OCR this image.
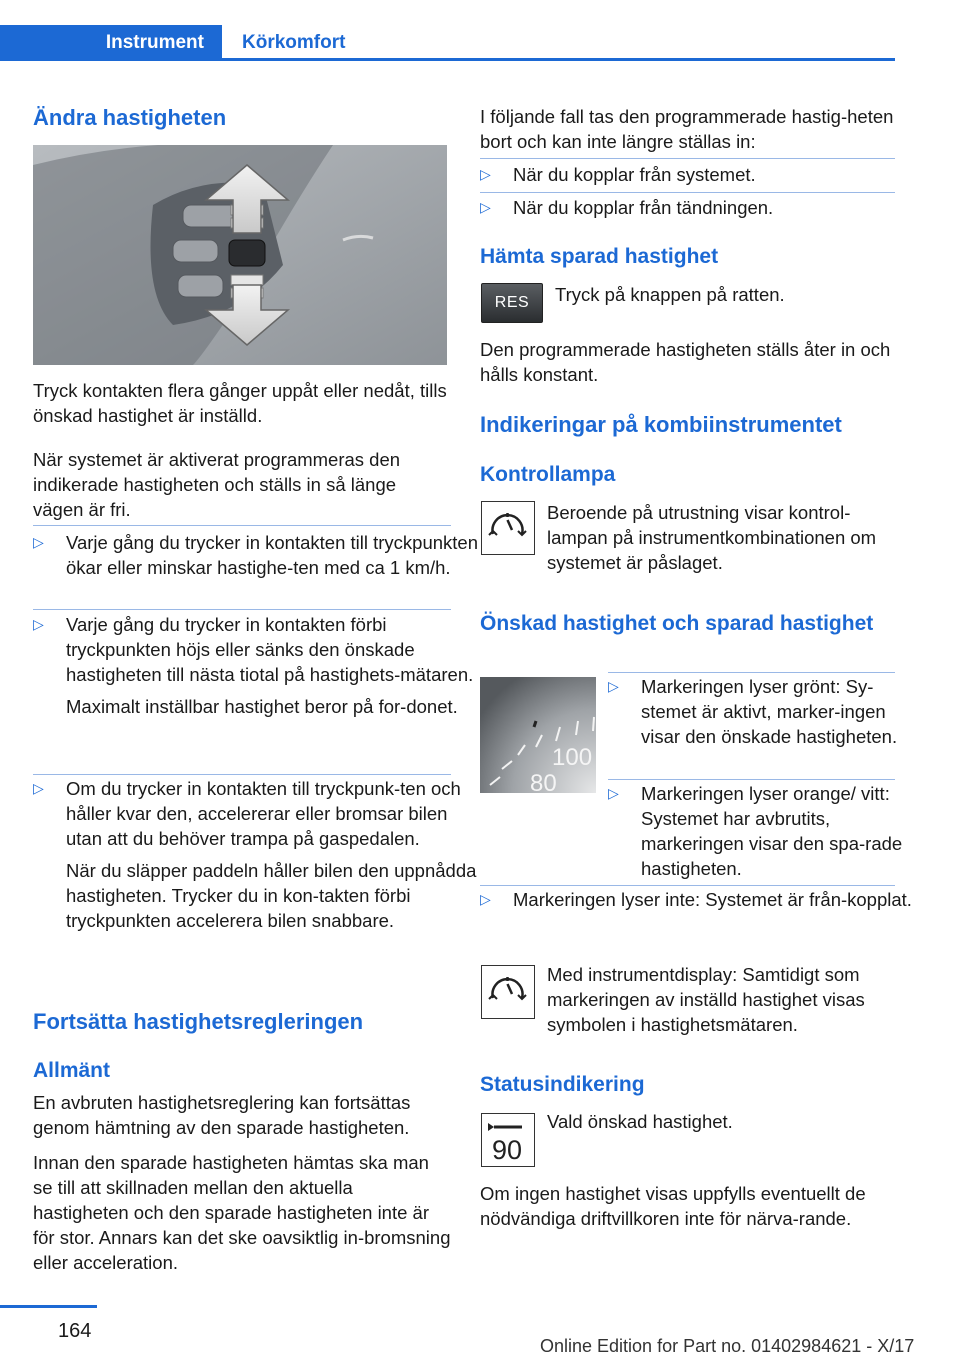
Instrument	Körkomfort
Ändra hastigheten

Tryck kontakten flera gånger uppåt eller nedåt, tills önskad hastighet är inställd.

När systemet är aktiverat programmeras den indikerade hastigheten och ställs in så länge vägen är fri.

▷ Varje gång du trycker in kontakten till tryckpunkten ökar eller minskar hastighe-ten med ca 1 km/h.

▷ Varje gång du trycker in kontakten förbi tryckpunkten höjs eller sänks den önskade hastigheten till nästa tiotal på hastighets-mätaren.

Maximalt inställbar hastighet beror på for-donet.

▷ Om du trycker in kontakten till tryckpunk-ten och håller kvar den, accelererar eller bromsar bilen utan att du behöver trampa på gaspedalen.

När du släpper paddeln håller bilen den uppnådda hastigheten. Trycker du in kon-takten förbi tryckpunkten accelerera bilen snabbare.

Fortsätta hastighetsregleringen
Allmänt

En avbruten hastighetsreglering kan fortsättas genom hämtning av den sparade hastigheten.

Innan den sparade hastigheten hämtas ska man se till att skillnaden mellan den aktuella hastigheten och den sparade hastigheten inte är för stor. Annars kan det ske oavsiktlig in-bromsning eller acceleration.

I följande fall tas den programmerade hastig-heten bort och kan inte längre ställas in:

▷ När du kopplar från systemet.

▷ När du kopplar från tändningen.

Hämta sparad hastighet
RES Tryck på knappen på ratten.

Den programmerade hastigheten ställs åter in och hålls konstant.

Indikeringar på kombiinstrumentet
Kontrollampa

Beroende på utrustning visar kontrol-lampan på instrumentkombinationen om systemet är påslaget.

Önskad hastighet och sparad hastighet
100
80
▷ Markeringen lyser grönt: Sy-stemet är aktivt, marker-ingen visar den önskade hastigheten.

▷ Markeringen lyser orange/ vitt: Systemet har avbrutits, markeringen visar den spa-rade hastigheten.

▷ Markeringen lyser inte: Systemet är från-kopplat.

Med instrumentdisplay: Samtidigt som markeringen av inställd hastighet visas symbolen i hastighetsmätaren.

Statusindikering
90

Vald önskad hastighet.

Om ingen hastighet visas uppfylls eventuellt de nödvändiga driftvillkoren inte för närva-rande.

164
Online Edition for Part no. 01402984621 - X/17
